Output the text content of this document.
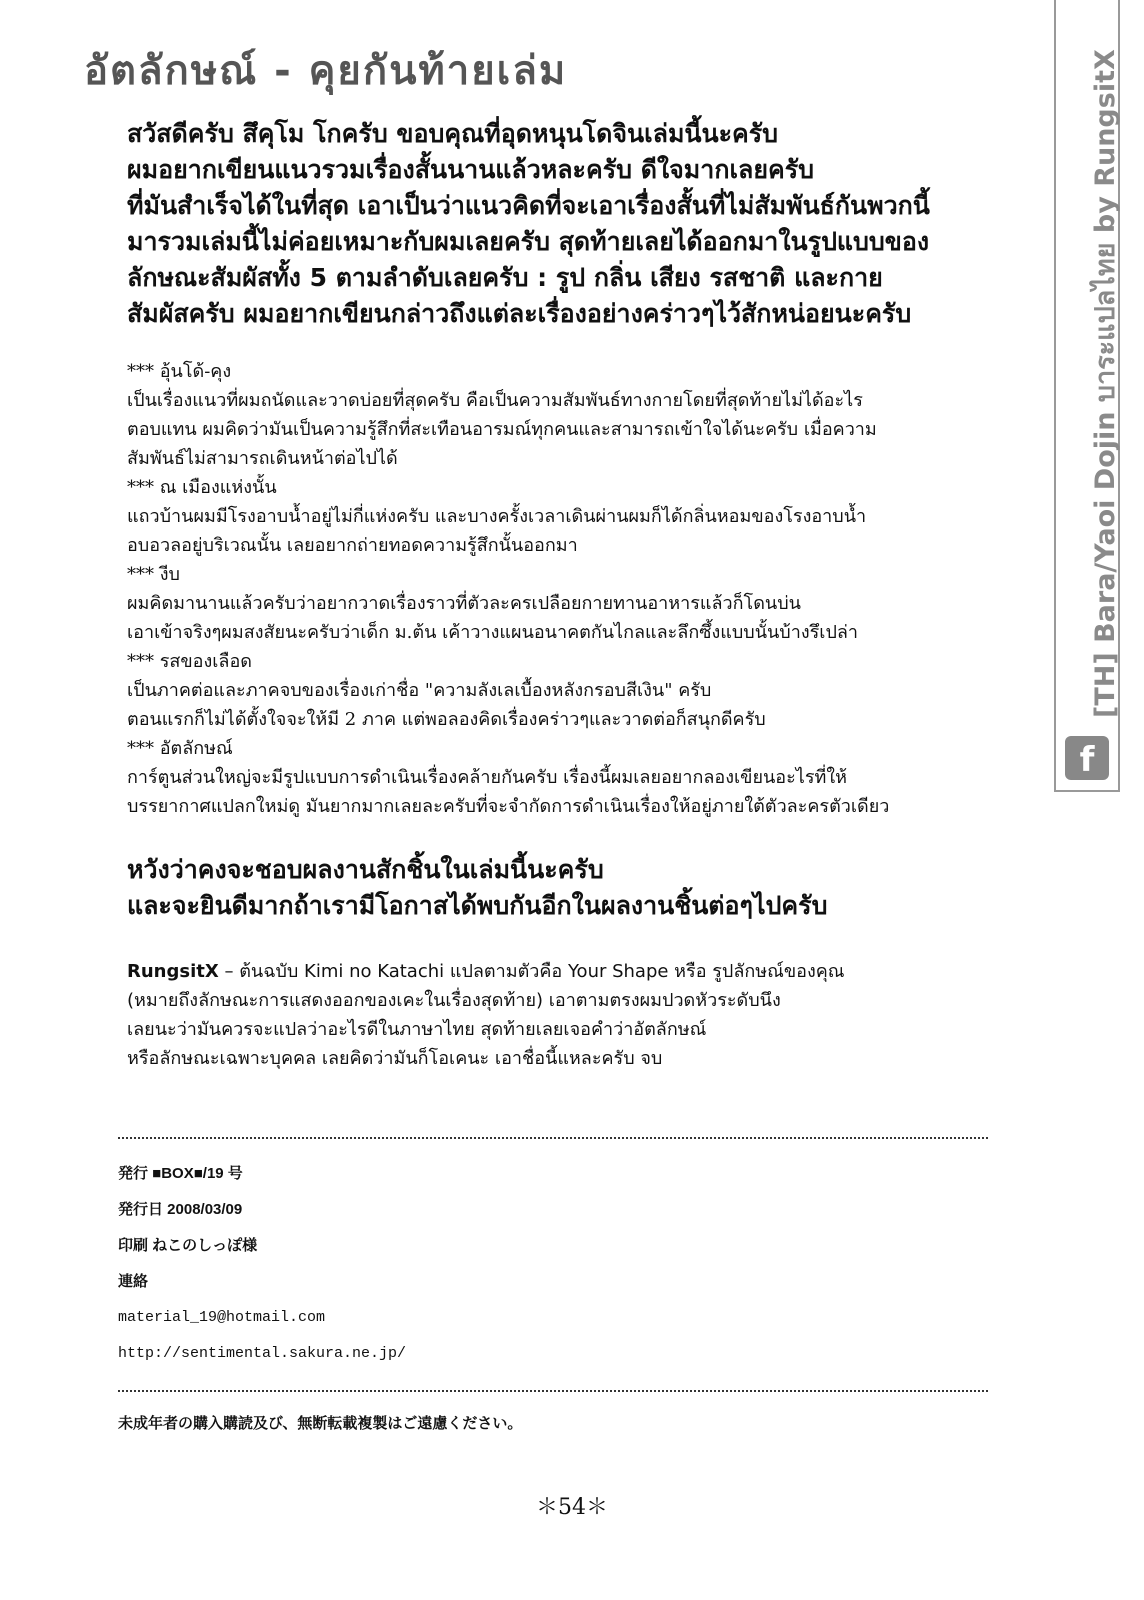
อัตลักษณ์ - คุยกันท้ายเล่ม
สวัสดีครับ สึคุโม โกครับ ขอบคุณที่อุดหนุนโดจินเล่มนี้นะครับ
ผมอยากเขียนแนวรวมเรื่องสั้นนานแล้วหละครับ ดีใจมากเลยครับ
ที่มันสำเร็จได้ในที่สุด เอาเป็นว่าแนวคิดที่จะเอาเรื่องสั้นที่ไม่สัมพันธ์กันพวกนี้
มารวมเล่มนี้ไม่ค่อยเหมาะกับผมเลยครับ สุดท้ายเลยได้ออกมาในรูปแบบของ
ลักษณะสัมผัสทั้ง 5 ตามลำดับเลยครับ : รูป กลิ่น เสียง รสชาติ และกาย
สัมผัสครับ ผมอยากเขียนกล่าวถึงแต่ละเรื่องอย่างคร่าวๆไว้สักหน่อยนะครับ
*** อุ้นโด้-คุง
เป็นเรื่องแนวที่ผมถนัดและวาดบ่อยที่สุดครับ คือเป็นความสัมพันธ์ทางกายโดยที่สุดท้ายไม่ได้อะไร
ตอบแทน ผมคิดว่ามันเป็นความรู้สึกที่สะเทือนอารมณ์ทุกคนและสามารถเข้าใจได้นะครับ เมื่อความ
สัมพันธ์ไม่สามารถเดินหน้าต่อไปได้
*** ณ เมืองแห่งนั้น
แถวบ้านผมมีโรงอาบน้ำอยู่ไม่กี่แห่งครับ และบางครั้งเวลาเดินผ่านผมก็ได้กลิ่นหอมของโรงอาบน้ำ
อบอวลอยู่บริเวณนั้น เลยอยากถ่ายทอดความรู้สึกนั้นออกมา
*** งีบ
ผมคิดมานานแล้วครับว่าอยากวาดเรื่องราวที่ตัวละครเปลือยกายทานอาหารแล้วก็โดนบ่น
เอาเข้าจริงๆผมสงสัยนะครับว่าเด็ก ม.ต้น เค้าวางแผนอนาคตกันไกลและลึกซึ้งแบบนั้นบ้างรึเปล่า
*** รสของเลือด
เป็นภาคต่อและภาคจบของเรื่องเก่าชื่อ "ความลังเลเบื้องหลังกรอบสีเงิน" ครับ
ตอนแรกก็ไม่ได้ตั้งใจจะให้มี 2 ภาค แต่พอลองคิดเรื่องคร่าวๆและวาดต่อก็สนุกดีครับ
*** อัตลักษณ์
การ์ตูนส่วนใหญ่จะมีรูปแบบการดำเนินเรื่องคล้ายกันครับ เรื่องนี้ผมเลยอยากลองเขียนอะไรที่ให้
บรรยากาศแปลกใหม่ดู มันยากมากเลยละครับที่จะจำกัดการดำเนินเรื่องให้อยู่ภายใต้ตัวละครตัวเดียว
หวังว่าคงจะชอบผลงานสักชิ้นในเล่มนี้นะครับ
และจะยินดีมากถ้าเรามีโอกาสได้พบกันอีกในผลงานชิ้นต่อๆไปครับ
RungsitX – ต้นฉบับ Kimi no Katachi แปลตามตัวคือ Your Shape หรือ รูปลักษณ์ของคุณ
(หมายถึงลักษณะการแสดงออกของเคะในเรื่องสุดท้าย) เอาตามตรงผมปวดหัวระดับนึง
เลยนะว่ามันควรจะแปลว่าอะไรดีในภาษาไทย สุดท้ายเลยเจอคำว่าอัตลักษณ์
หรือลักษณะเฉพาะบุคคล เลยคิดว่ามันก็โอเคนะ เอาชื่อนี้แหละครับ จบ
発行 ■BOX■/19 号
発行日 2008/03/09
印刷 ねこのしっぽ様
連絡
material_19@hotmail.com
http://sentimental.sakura.ne.jp/
未成年者の購入購読及び、無断転載複製はご遠慮ください。
＊54＊
[TH] Bara/Yaoi Dojin บาระแปลไทย by RungsitX
f
